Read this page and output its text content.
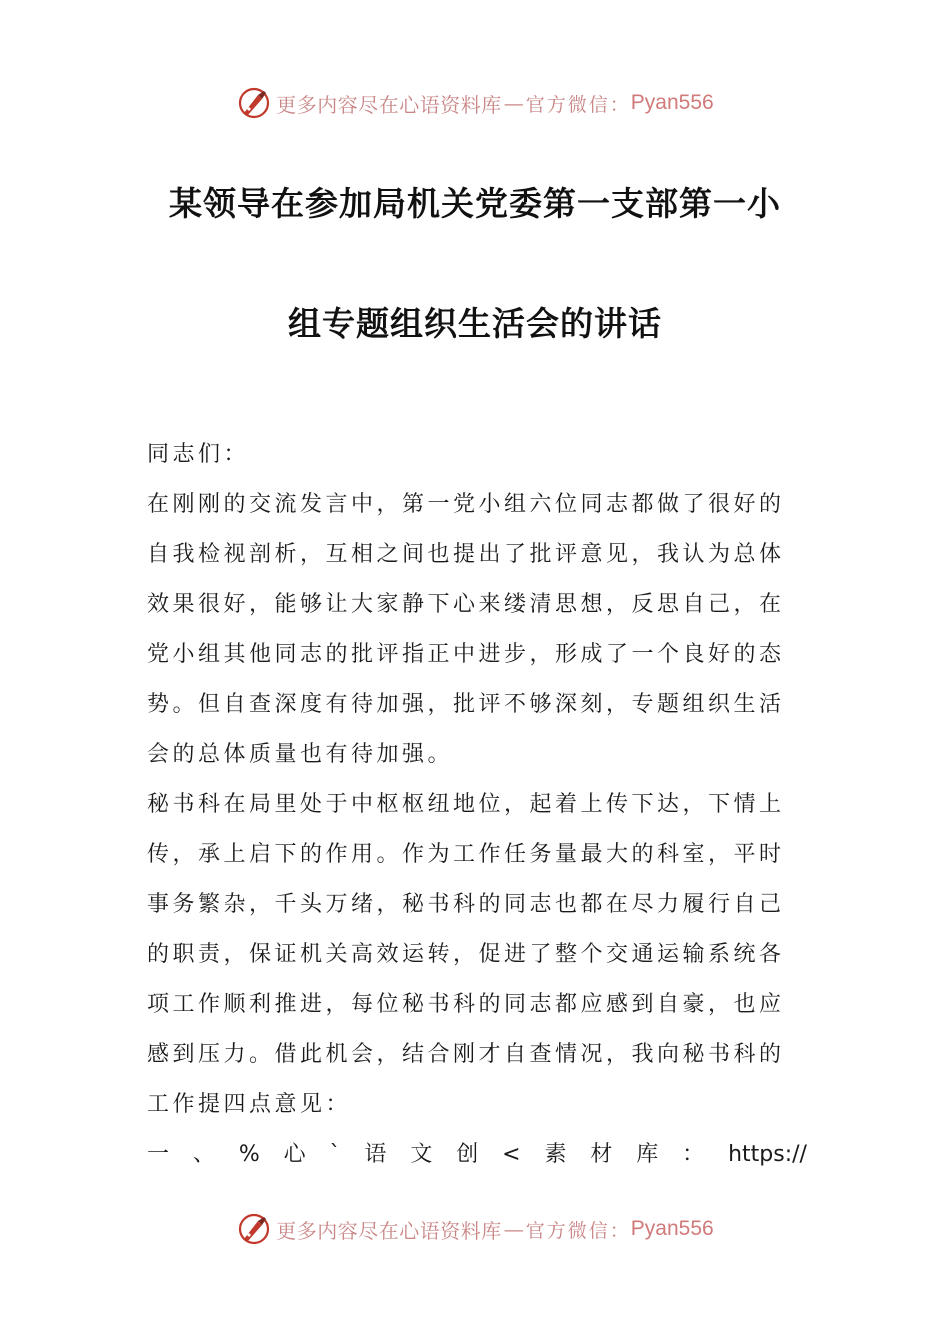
更多内容尽在心语资料库 — 官方微信： Pyan556
某领导在参加局机关党委第一支部第一小
组专题组织生活会的讲话
同志们：
在刚刚的交流发言中，第一党小组六位同志都做了很好的
自我检视剖析，互相之间也提出了批评意见，我认为总体
效果很好，能够让大家静下心来缕清思想，反思自己，在
党小组其他同志的批评指正中进步，形成了一个良好的态
势。但自查深度有待加强，批评不够深刻，专题组织生活
会的总体质量也有待加强。
秘书科在局里处于中枢枢纽地位，起着上传下达，下情上
传，承上启下的作用。作为工作任务量最大的科室，平时
事务繁杂，千头万绪，秘书科的同志也都在尽力履行自己
的职责，保证机关高效运转，促进了整个交通运输系统各
项工作顺利推进，每位秘书科的同志都应感到自豪，也应
感到压力。借此机会，结合刚才自查情况，我向秘书科的
工作提四点意见：
一 、 % 心 ` 语 文 创 < 素 材 库 ： https://
更多内容尽在心语资料库 — 官方微信： Pyan556
